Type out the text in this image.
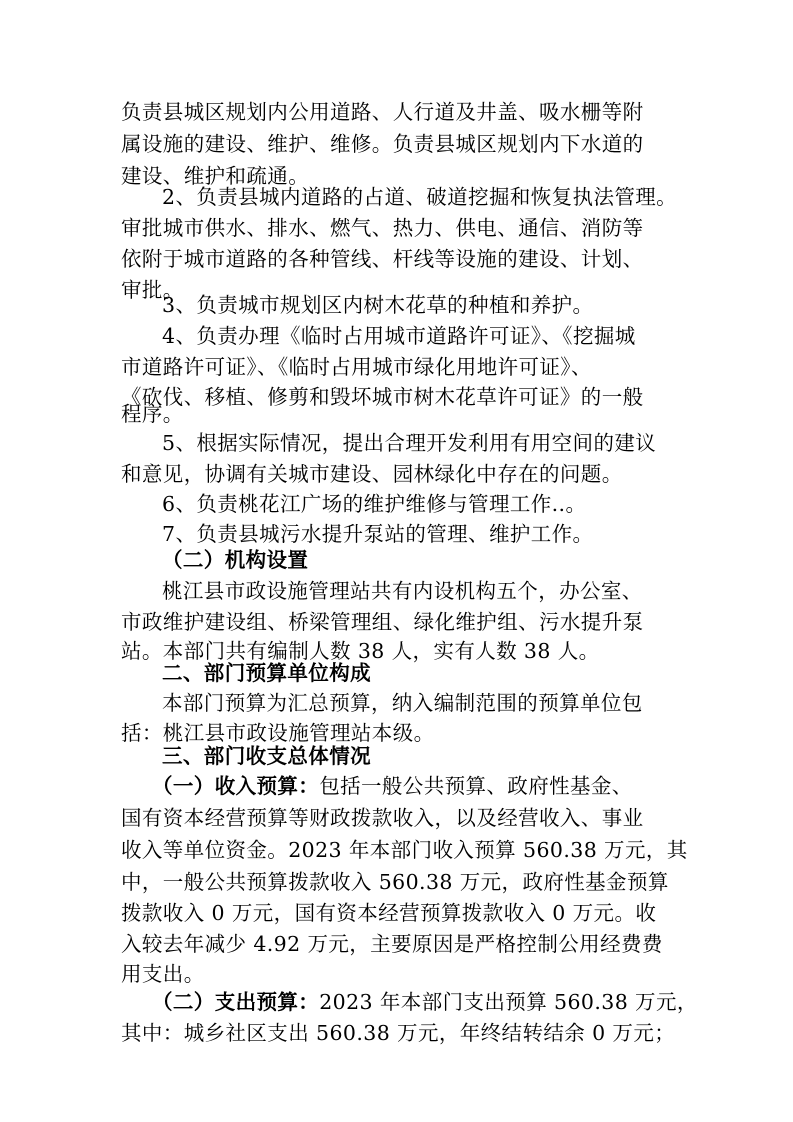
负责县城区规划内公用道路、人行道及井盖、吸水栅等附
属设施的建设、维护、维修。负责县城区规划内下水道的
建设、维护和疏通。
2、负责县城内道路的占道、破道挖掘和恢复执法管理。
审批城市供水、排水、燃气、热力、供电、通信、消防等
依附于城市道路的各种管线、杆线等设施的建设、计划、
审批。
3、负责城市规划区内树木花草的种植和养护。
4、负责办理《临时占用城市道路许可证》、《挖掘城
市道路许可证》、《临时占用城市绿化用地许可证》、
《砍伐、移植、修剪和毁坏城市树木花草许可证》的一般
程序。
5、根据实际情况，提出合理开发利用有用空间的建议
和意见，协调有关城市建设、园林绿化中存在的问题。
6、负责桃花江广场的维护维修与管理工作..。
7、负责县城污水提升泵站的管理、维护工作。
（二）机构设置
桃江县市政设施管理站共有内设机构五个，办公室、
市政维护建设组、桥梁管理组、绿化维护组、污水提升泵
站。本部门共有编制人数 38 人，实有人数 38 人。
二、部门预算单位构成
本部门预算为汇总预算，纳入编制范围的预算单位包
括：桃江县市政设施管理站本级。
三、部门收支总体情况
（一）收入预算：包括一般公共预算、政府性基金、
国有资本经营预算等财政拨款收入，以及经营收入、事业
收入等单位资金。2023 年本部门收入预算 560.38 万元，其
中，一般公共预算拨款收入 560.38 万元，政府性基金预算
拨款收入 0 万元，国有资本经营预算拨款收入 0 万元。收
入较去年减少 4.92 万元，主要原因是严格控制公用经费费
用支出。
（二）支出预算：2023 年本部门支出预算 560.38 万元，
其中：城乡社区支出 560.38 万元，年终结转结余 0 万元；
